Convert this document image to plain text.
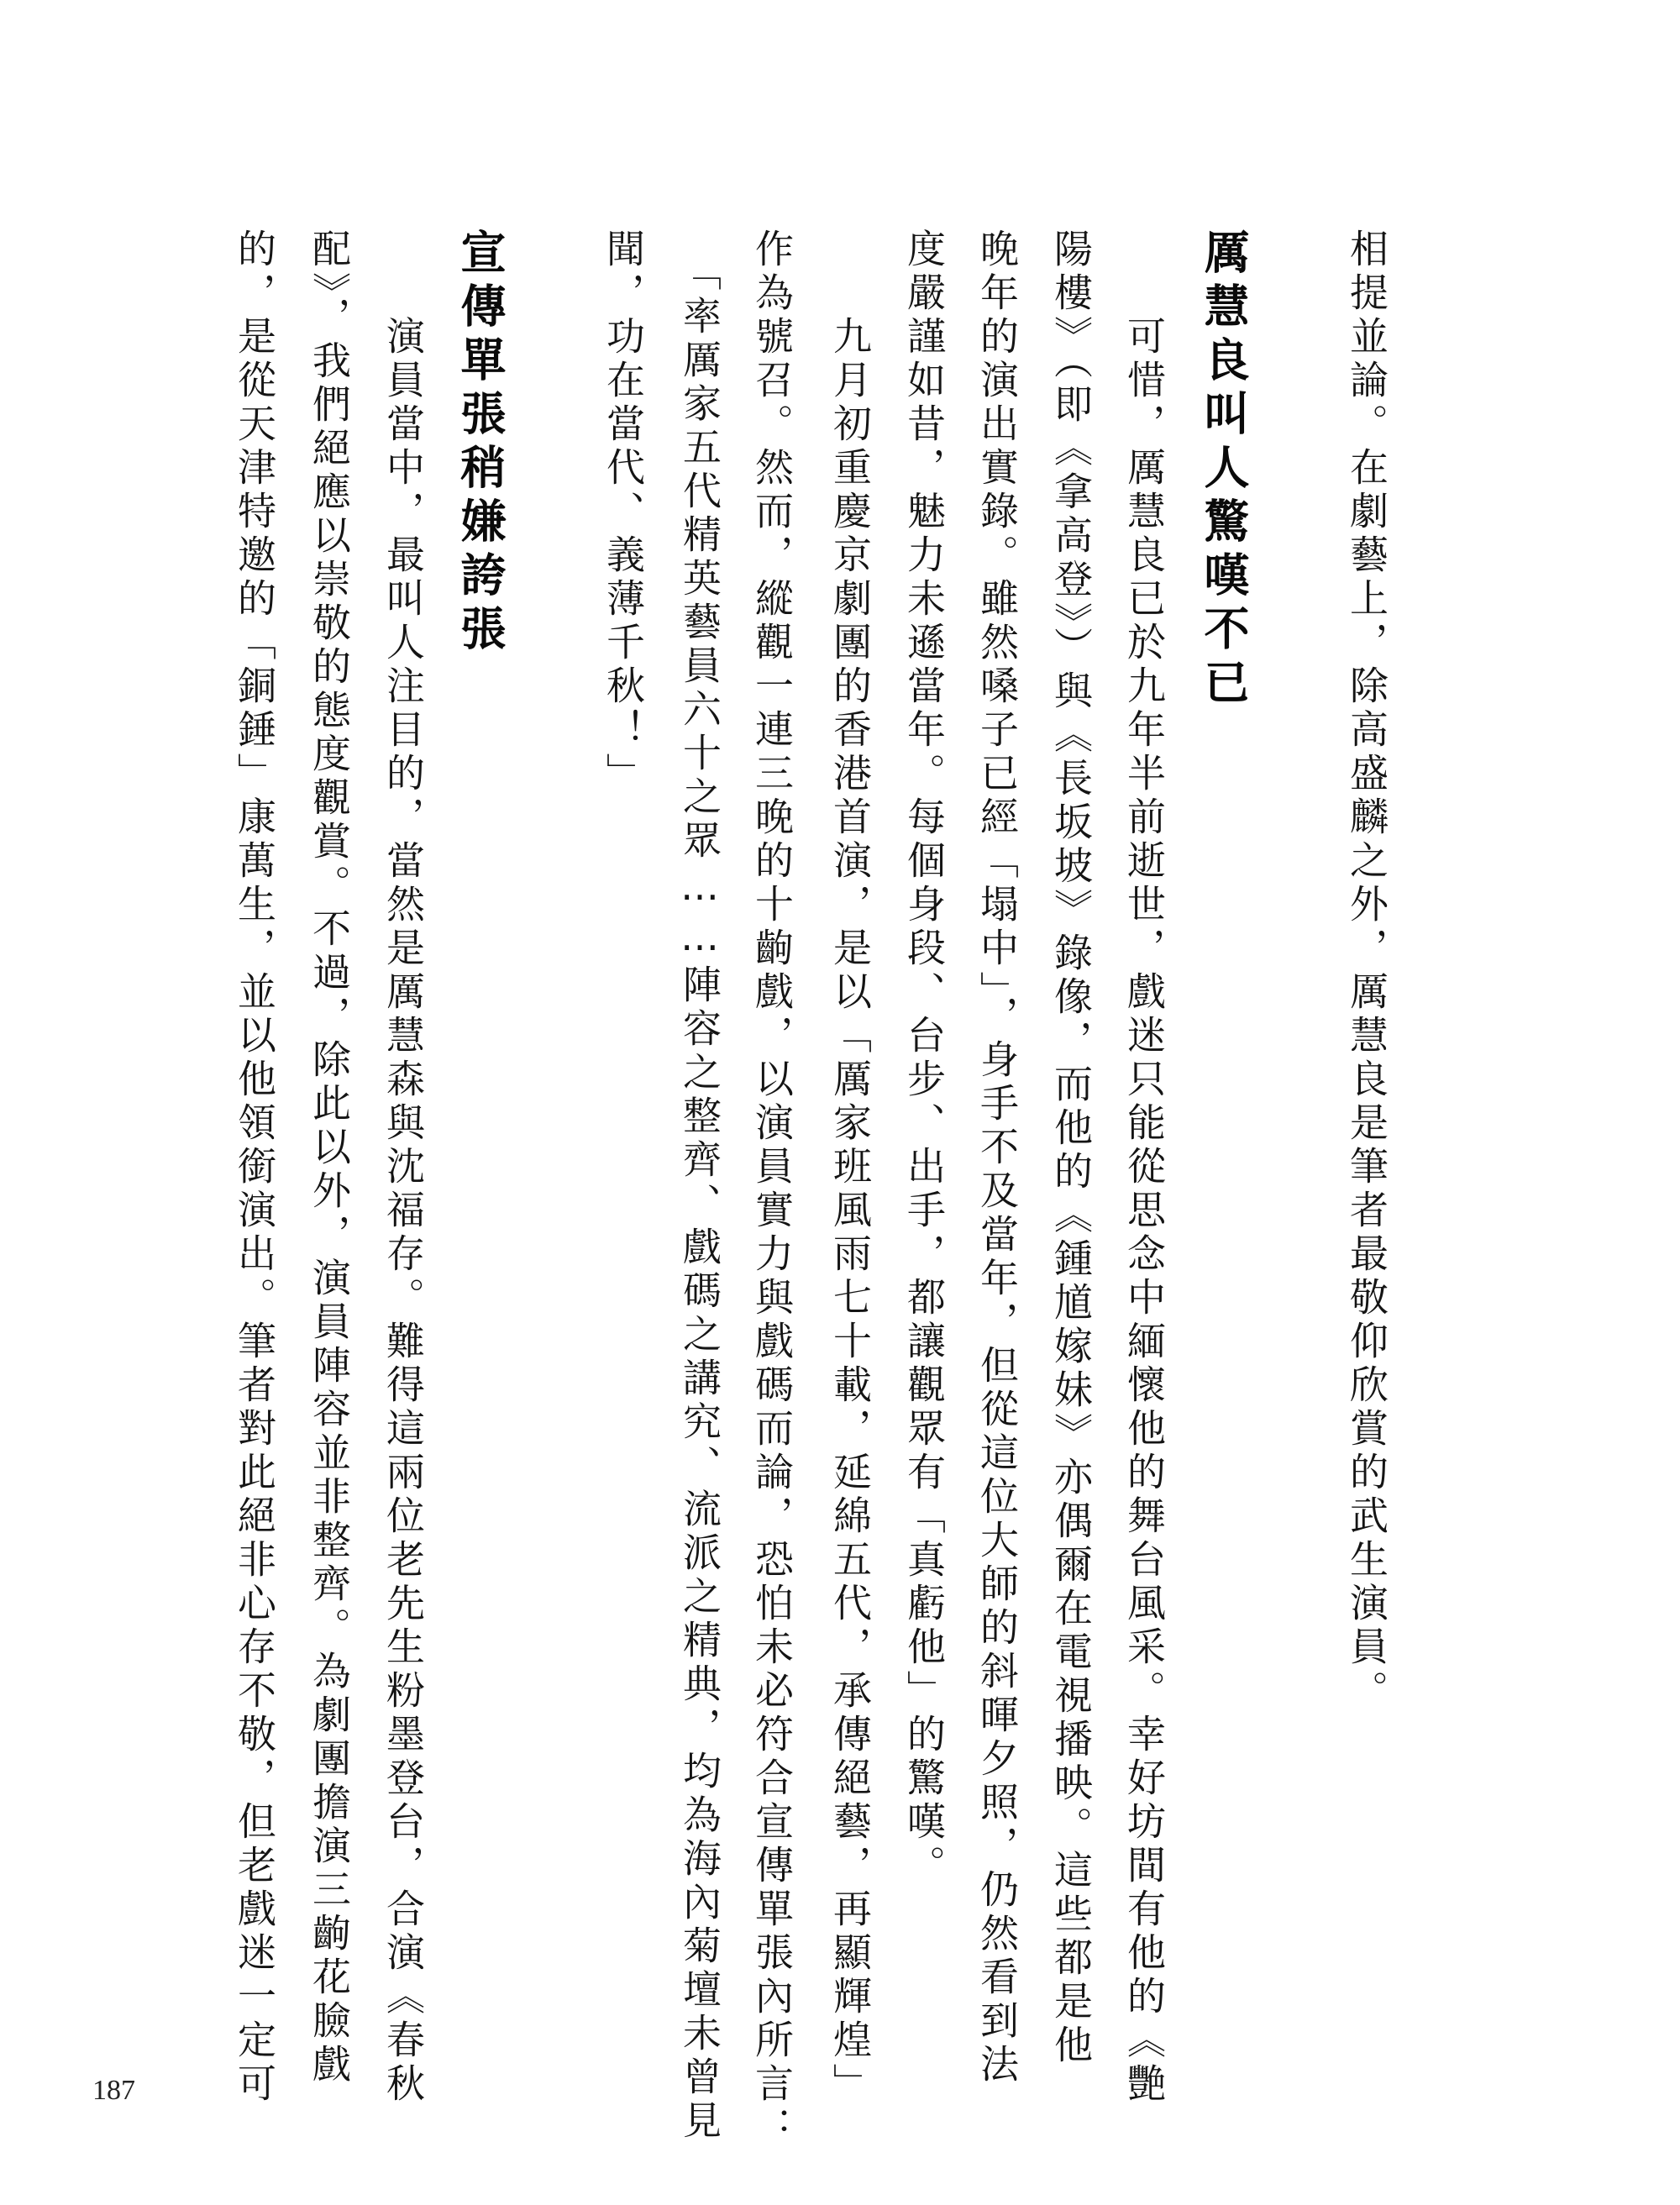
相提並論。在劇藝上，除高盛麟之外，厲慧良是筆者最敬仰欣賞的武生演員。
厲慧良叫人驚嘆不已
可惜，厲慧良已於九年半前逝世，戲迷只能從思念中緬懷他的舞台風采。幸好坊間有他的《艷
陽樓》（即《拿高登》）與《長坂坡》錄像，而他的《鍾馗嫁妹》亦偶爾在電視播映。這些都是他
晚年的演出實錄。雖然嗓子已經「塌中」，身手不及當年，但從這位大師的斜暉夕照，仍然看到法
度嚴謹如昔，魅力未遜當年。每個身段、台步、出手，都讓觀眾有「真虧他」的驚嘆。
九月初重慶京劇團的香港首演，是以「厲家班風雨七十載，延綿五代，承傳絕藝，再顯輝煌」
作為號召。然而，縱觀一連三晚的十齣戲，以演員實力與戲碼而論，恐怕未必符合宣傳單張內所言：
「率厲家五代精英藝員六十之眾……陣容之整齊、戲碼之講究、流派之精典，均為海內菊壇未曾見
聞，功在當代、義薄千秋！」
宣傳單張稍嫌誇張
演員當中，最叫人注目的，當然是厲慧森與沈福存。難得這兩位老先生粉墨登台，合演《春秋
配》，我們絕應以崇敬的態度觀賞。不過，除此以外，演員陣容並非整齊。為劇團擔演三齣花臉戲
的，是從天津特邀的「銅錘」康萬生，並以他領銜演出。筆者對此絕非心存不敬，但老戲迷一定可
187
